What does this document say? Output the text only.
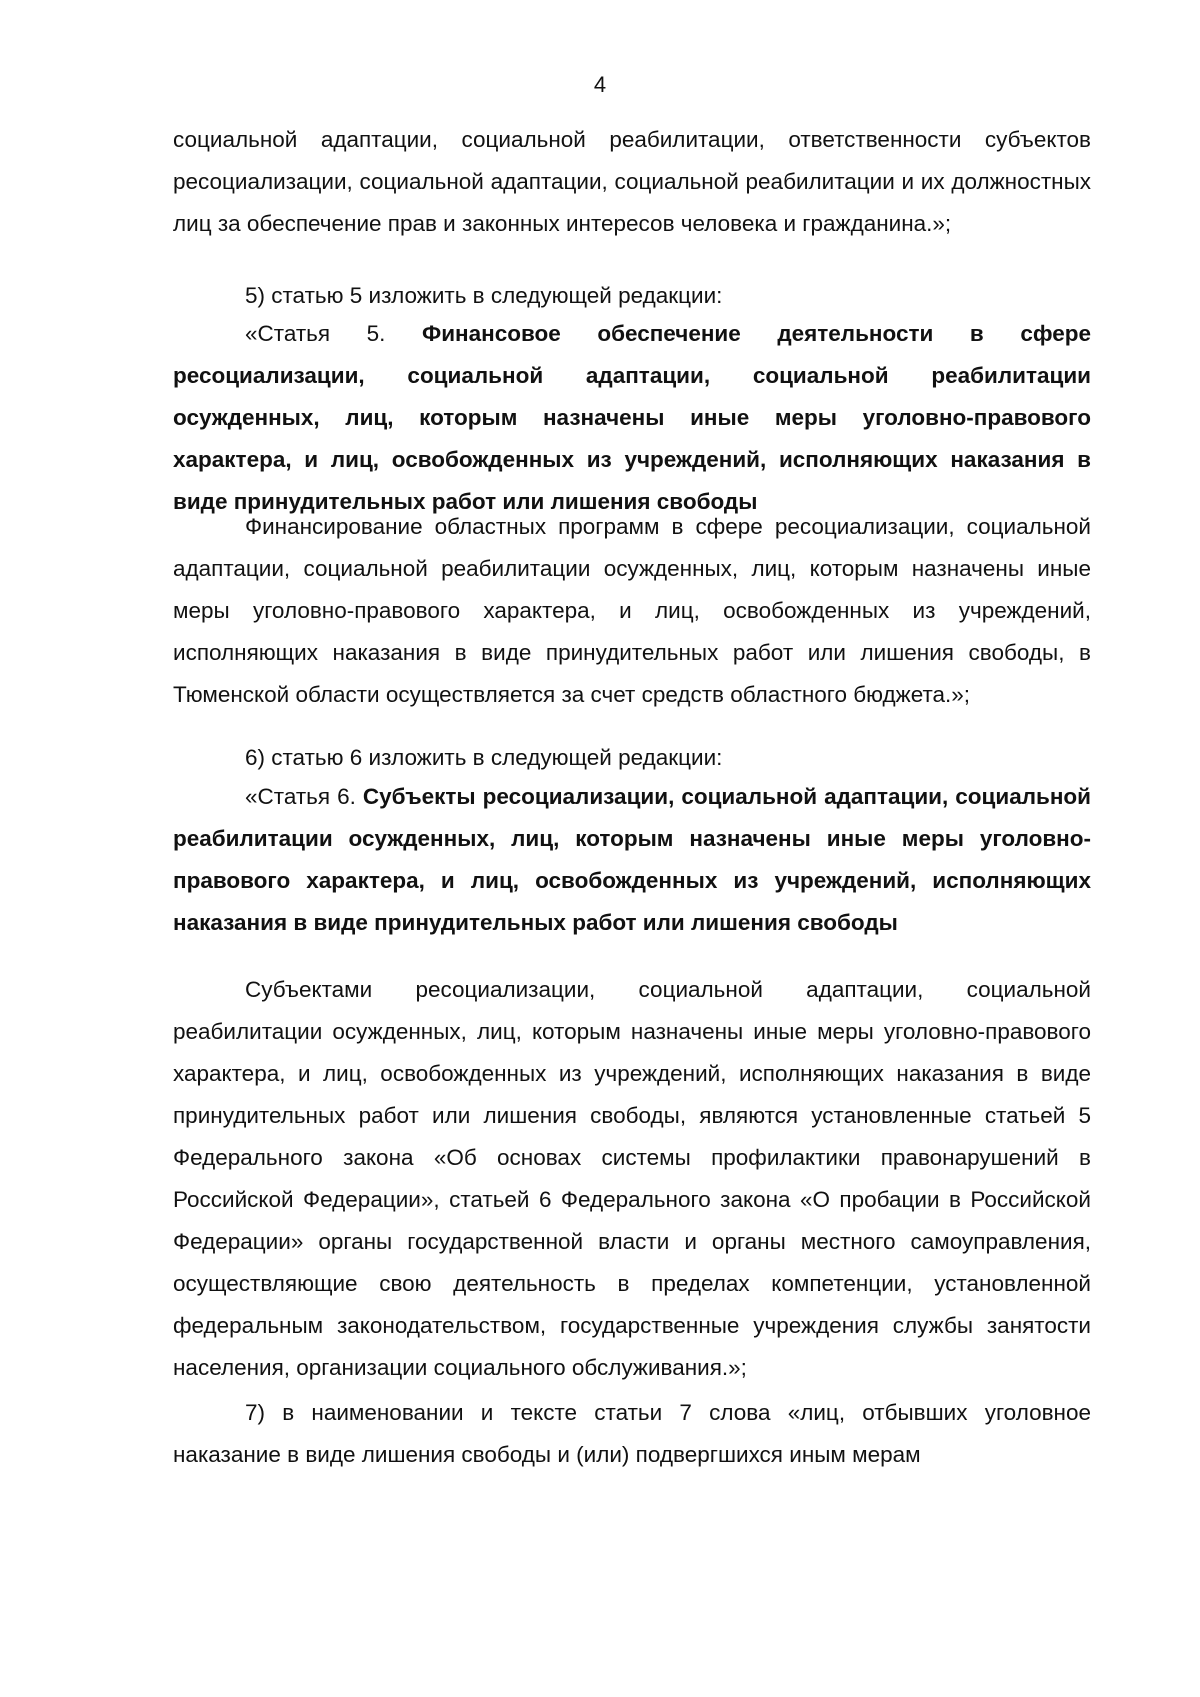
4
социальной адаптации, социальной реабилитации, ответственности субъектов ресоциализации, социальной адаптации, социальной реабилитации и их должностных лиц за обеспечение прав и законных интересов человека и гражданина.»;
5) статью 5 изложить в следующей редакции:
«Статья 5. Финансовое обеспечение деятельности в сфере ресоциализации, социальной адаптации, социальной реабилитации осужденных, лиц, которым назначены иные меры уголовно-правового характера, и лиц, освобожденных из учреждений, исполняющих наказания в виде принудительных работ или лишения свободы
Финансирование областных программ в сфере ресоциализации, социальной адаптации, социальной реабилитации осужденных, лиц, которым назначены иные меры уголовно-правового характера, и лиц, освобожденных из учреждений, исполняющих наказания в виде принудительных работ или лишения свободы, в Тюменской области осуществляется за счет средств областного бюджета.»;
6) статью 6 изложить в следующей редакции:
«Статья 6. Субъекты ресоциализации, социальной адаптации, социальной реабилитации осужденных, лиц, которым назначены иные меры уголовно-правового характера, и лиц, освобожденных из учреждений, исполняющих наказания в виде принудительных работ или лишения свободы
Субъектами ресоциализации, социальной адаптации, социальной реабилитации осужденных, лиц, которым назначены иные меры уголовно-правового характера, и лиц, освобожденных из учреждений, исполняющих наказания в виде принудительных работ или лишения свободы, являются установленные статьей 5 Федерального закона «Об основах системы профилактики правонарушений в Российской Федерации», статьей 6 Федерального закона «О пробации в Российской Федерации» органы государственной власти и органы местного самоуправления, осуществляющие свою деятельность в пределах компетенции, установленной федеральным законодательством, государственные учреждения службы занятости населения, организации социального обслуживания.»;
7) в наименовании и тексте статьи 7 слова «лиц, отбывших уголовное наказание в виде лишения свободы и (или) подвергшихся иным мерам
